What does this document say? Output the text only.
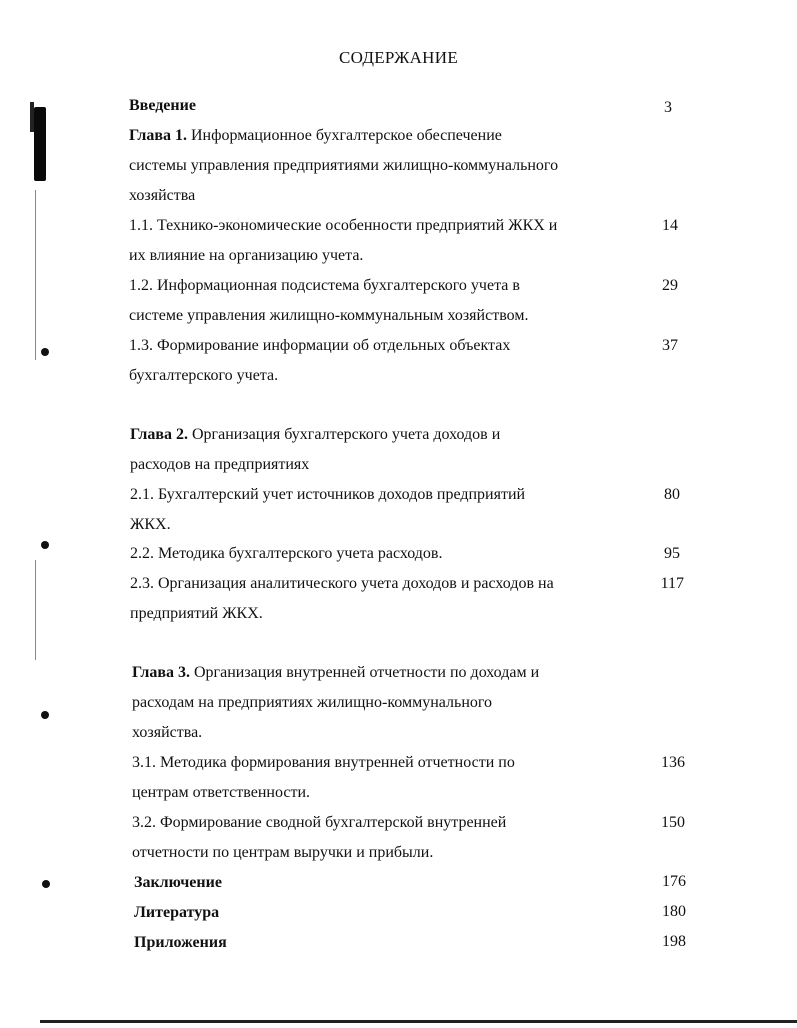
СОДЕРЖАНИЕ
Введение	3
Глава 1. Информационное бухгалтерское обеспечение
системы управления предприятиями жилищно-коммунального
хозяйства
1.1. Технико-экономические особенности предприятий ЖКХ и	14
их влияние на организацию учета.
1.2. Информационная подсистема бухгалтерского учета в	29
системе управления жилищно-коммунальным хозяйством.
1.3. Формирование информации об отдельных объектах	37
бухгалтерского учета.
Глава 2. Организация бухгалтерского учета доходов и
расходов на предприятиях
2.1. Бухгалтерский учет источников доходов предприятий	80
ЖКХ.
2.2. Методика бухгалтерского учета расходов.	95
2.3. Организация аналитического учета доходов и расходов на	117
предприятий ЖКХ.
Глава 3. Организация внутренней отчетности по доходам и
расходам на предприятиях жилищно-коммунального
хозяйства.
3.1. Методика формирования внутренней отчетности по	136
центрам ответственности.
3.2. Формирование сводной бухгалтерской внутренней	150
отчетности по центрам выручки и прибыли.
Заключение	176
Литература	180
Приложения	198
